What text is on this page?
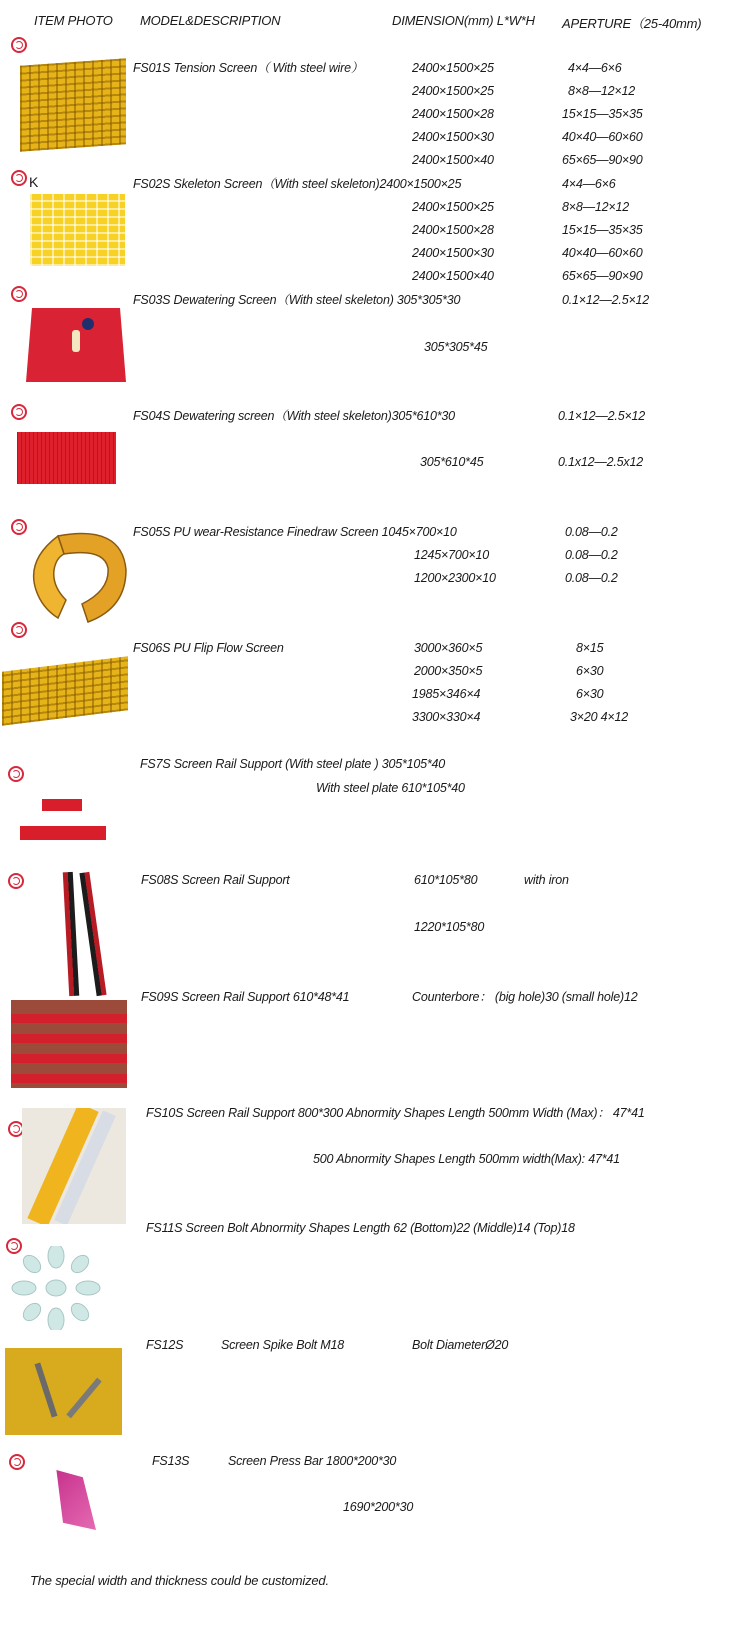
ITEM PHOTO MODEL&DESCRIPTION	DIMENSION(mm) L*W*H APERTURE（25-40mm)
FS01S Tension Screen（ With steel wire）	2400×1500×25	4×4—6×6
2400×1500×25	8×8—12×12
2400×1500×28	15×15—35×35
2400×1500×30	40×40—60×60
2400×1500×40	65×65—90×90
K	FS02S Skeleton Screen（With steel skeleton)2400×1500×25	4×4—6×6
2400×1500×25	8×8—12×12
2400×1500×28	15×15—35×35
2400×1500×30	40×40—60×60
2400×1500×40	65×65—90×90
FS03S Dewatering Screen（With steel skeleton) 305*305*30	0.1×12—2.5×12
305*305*45
FS04S Dewatering screen（With steel skeleton)305*610*30	0.1×12—2.5×12
305*610*45	0.1x12—2.5x12
FS05S PU wear-Resistance Finedraw Screen 1045×700×10	0.08—0.2
1245×700×10	0.08—0.2
1200×2300×10	0.08—0.2
FS06S PU Flip Flow Screen	3000×360×5	8×15
2000×350×5	6×30
1985×346×4	6×30
3300×330×4	3×20 4×12
FS7S Screen Rail Support (With steel plate ) 305*105*40
With steel plate 610*105*40
FS08S Screen Rail Support	610*105*80	with iron
1220*105*80
FS09S Screen Rail Support 610*48*41	Counterbore： (big hole)30 (small hole)12
FS10S Screen Rail Support 800*300 Abnormity Shapes Length 500mm Width (Max)： 47*41
500 Abnormity Shapes Length 500mm width(Max): 47*41
FS11S Screen Bolt Abnormity Shapes Length 62 (Bottom)22 (Middle)14 (Top)18
FS12S	Screen Spike Bolt M18	Bolt DiameterØ20
FS13S	Screen Press Bar 1800*200*30
1690*200*30
The special width and thickness could be customized.
